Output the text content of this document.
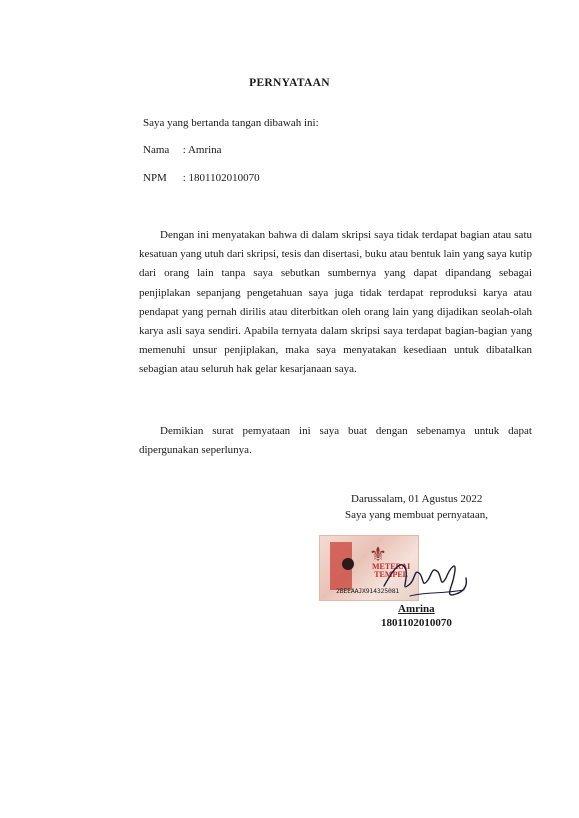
PERNYATAAN
Saya yang bertanda tangan dibawah ini:
Nama : Amrina
NPM : 1801102010070

Dengan ini menyatakan bahwa di dalam skripsi saya tidak terdapat bagian atau satu kesatuan yang utuh dari skripsi, tesis dan disertasi, buku atau bentuk lain yang saya kutip dari orang lain tanpa saya sebutkan sumbernya yang dapat dipandang sebagai penjiplakan sepanjang pengetahuan saya juga tidak terdapat reproduksi karya atau pendapat yang pernah dirilis atau diterbitkan oleh orang lain yang dijadikan seolah-olah karya asli saya sendiri. Apabila ternyata dalam skripsi saya terdapat bagian-bagian yang memenuhi unsur penjiplakan, maka saya menyatakan kesediaan untuk dibatalkan sebagian atau seluruh hak gelar kesarjanaan saya.

Demikian surat pemyataan ini saya buat dengan sebenamya untuk dapat dipergunakan seperlunya.

Darussalam, 01 Agustus 2022
Saya yang membuat pernyataan,
⚜
METERAI
TEMPEL
2BEEAAJX914325081
Amrina
1801102010070
